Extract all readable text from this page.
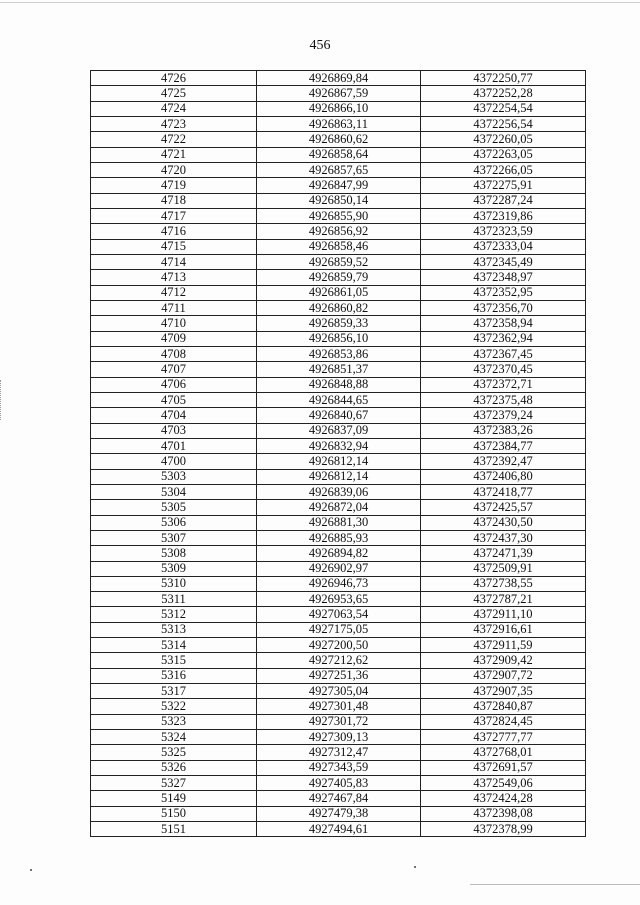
456
4726	4926869,84	4372250,77
4725	4926867,59	4372252,28
4724	4926866,10	4372254,54
4723	4926863,11	4372256,54
4722	4926860,62	4372260,05
4721	4926858,64	4372263,05
4720	4926857,65	4372266,05
4719	4926847,99	4372275,91
4718	4926850,14	4372287,24
4717	4926855,90	4372319,86
4716	4926856,92	4372323,59
4715	4926858,46	4372333,04
4714	4926859,52	4372345,49
4713	4926859,79	4372348,97
4712	4926861,05	4372352,95
4711	4926860,82	4372356,70
4710	4926859,33	4372358,94
4709	4926856,10	4372362,94
4708	4926853,86	4372367,45
4707	4926851,37	4372370,45
4706	4926848,88	4372372,71
4705	4926844,65	4372375,48
4704	4926840,67	4372379,24
4703	4926837,09	4372383,26
4701	4926832,94	4372384,77
4700	4926812,14	4372392,47
5303	4926812,14	4372406,80
5304	4926839,06	4372418,77
5305	4926872,04	4372425,57
5306	4926881,30	4372430,50
5307	4926885,93	4372437,30
5308	4926894,82	4372471,39
5309	4926902,97	4372509,91
5310	4926946,73	4372738,55
5311	4926953,65	4372787,21
5312	4927063,54	4372911,10
5313	4927175,05	4372916,61
5314	4927200,50	4372911,59
5315	4927212,62	4372909,42
5316	4927251,36	4372907,72
5317	4927305,04	4372907,35
5322	4927301,48	4372840,87
5323	4927301,72	4372824,45
5324	4927309,13	4372777,77
5325	4927312,47	4372768,01
5326	4927343,59	4372691,57
5327	4927405,83	4372549,06
5149	4927467,84	4372424,28
5150	4927479,38	4372398,08
5151	4927494,61	4372378,99
